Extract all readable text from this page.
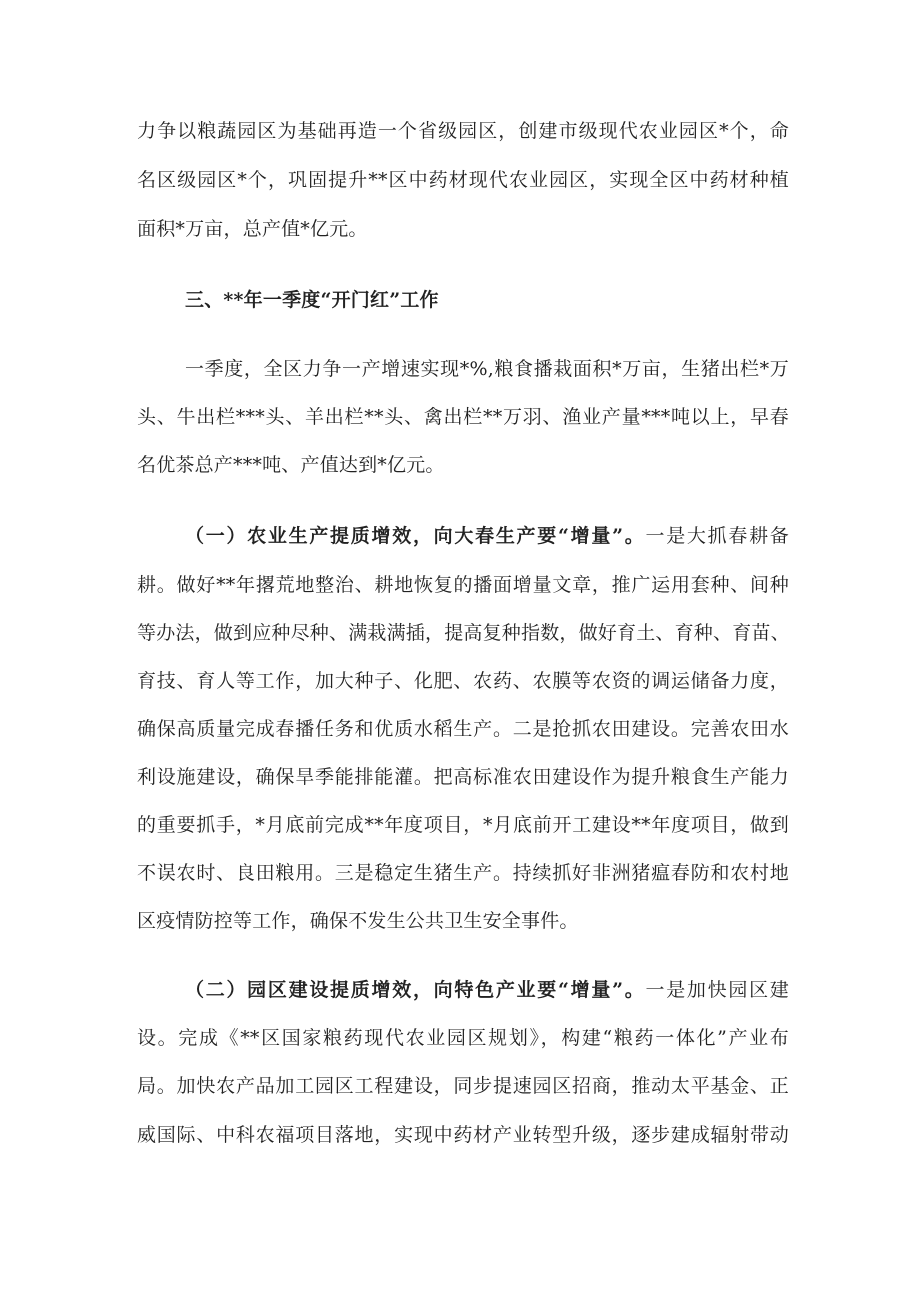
力争以粮蔬园区为基础再造一个省级园区，创建市级现代农业园区*个，命
名区级园区*个，巩固提升**区中药材现代农业园区，实现全区中药材种植
面积*万亩，总产值*亿元。
三、**年一季度“开门红”工作
一季度，全区力争一产增速实现*%,粮食播栽面积*万亩，生猪出栏*万
头、牛出栏***头、羊出栏**头、禽出栏**万羽、渔业产量***吨以上，早春
名优茶总产***吨、产值达到*亿元。
（一）农业生产提质增效，向大春生产要“增量”。一是大抓春耕备
耕。做好**年撂荒地整治、耕地恢复的播面增量文章，推广运用套种、间种
等办法，做到应种尽种、满栽满插，提高复种指数，做好育土、育种、育苗、
育技、育人等工作，加大种子、化肥、农药、农膜等农资的调运储备力度，
确保高质量完成春播任务和优质水稻生产。二是抢抓农田建设。完善农田水
利设施建设，确保旱季能排能灌。把高标准农田建设作为提升粮食生产能力
的重要抓手，*月底前完成**年度项目，*月底前开工建设**年度项目，做到
不误农时、良田粮用。三是稳定生猪生产。持续抓好非洲猪瘟春防和农村地
区疫情防控等工作，确保不发生公共卫生安全事件。
（二）园区建设提质增效，向特色产业要“增量”。一是加快园区建
设。完成《**区国家粮药现代农业园区规划》，构建“粮药一体化”产业布
局。加快农产品加工园区工程建设，同步提速园区招商，推动太平基金、正
威国际、中科农福项目落地，实现中药材产业转型升级，逐步建成辐射带动
